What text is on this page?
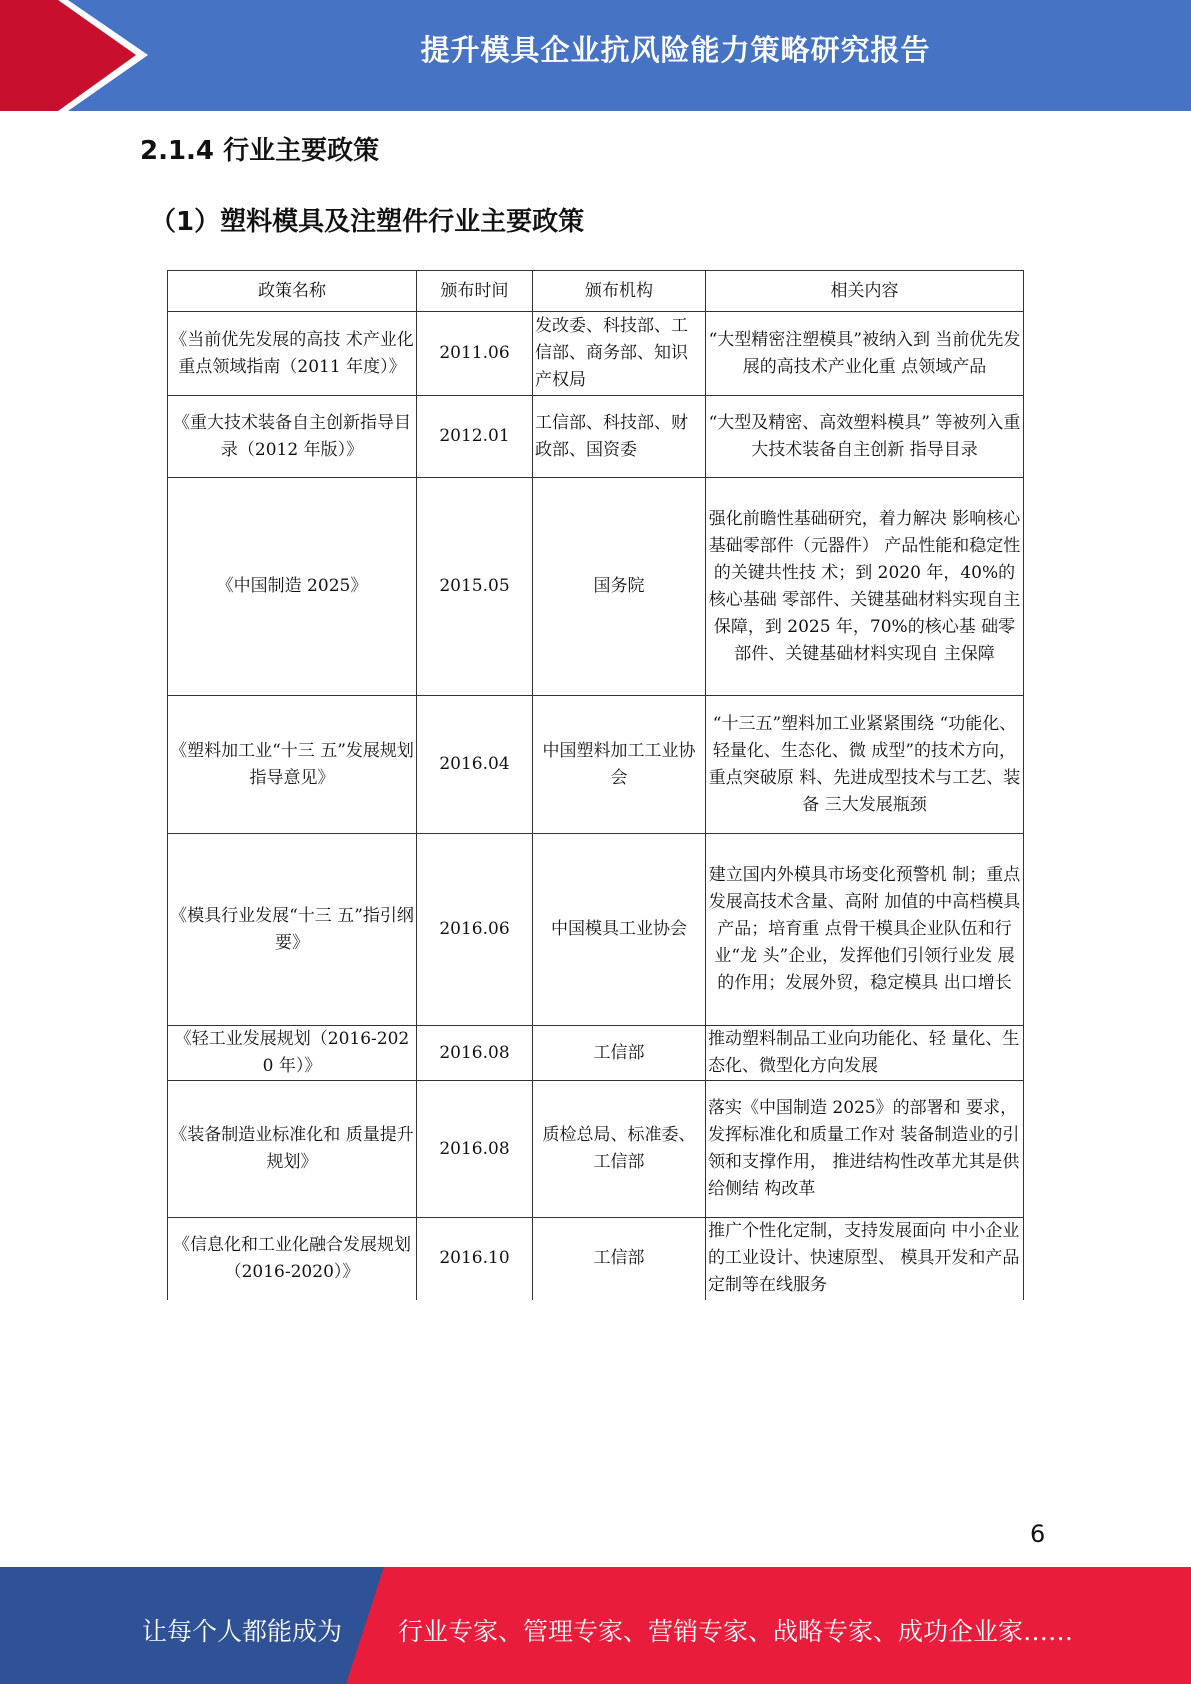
提升模具企业抗风险能力策略研究报告
2.1.4 行业主要政策
（1）塑料模具及注塑件行业主要政策
政策名称	颁布时间	颁布机构	相关内容
《当前优先发展的高技 术产业化重点领域指南（2011 年度）》	2011.06	发改委、科技部、工信部、商务部、知识产权局	“大型精密注塑模具”被纳入到 当前优先发展的高技术产业化重 点领域产品
《重大技术装备自主创新指导目录（2012 年版）》	2012.01	工信部、科技部、财政部、国资委	“大型及精密、高效塑料模具” 等被列入重大技术装备自主创新 指导目录
《中国制造 2025》	2015.05	国务院	强化前瞻性基础研究，着力解决 影响核心基础零部件（元器件） 产品性能和稳定性的关键共性技 术；到 2020 年，40%的核心基础 零部件、关键基础材料实现自主 保障，到 2025 年，70%的核心基 础零部件、关键基础材料实现自 主保障
《塑料加工业“十三 五”发展规划指导意见》	2016.04	中国塑料加工工业协会	“十三五”塑料加工业紧紧围绕 “功能化、轻量化、生态化、微 成型”的技术方向，重点突破原 料、先进成型技术与工艺、装备 三大发展瓶颈
《模具行业发展“十三 五”指引纲要》	2016.06	中国模具工业协会	建立国内外模具市场变化预警机 制；重点发展高技术含量、高附 加值的中高档模具产品；培育重 点骨干模具企业队伍和行业“龙 头”企业，发挥他们引领行业发 展的作用；发展外贸，稳定模具 出口增长
《轻工业发展规划（2016-2020 年）》	2016.08	工信部	推动塑料制品工业向功能化、轻 量化、生态化、微型化方向发展
《装备制造业标准化和 质量提升规划》	2016.08	质检总局、标准委、工信部	落实《中国制造 2025》的部署和 要求，发挥标准化和质量工作对 装备制造业的引领和支撑作用， 推进结构性改革尤其是供给侧结 构改革
《信息化和工业化融合发展规划（2016-2020）》	2016.10	工信部	推广个性化定制，支持发展面向 中小企业的工业设计、快速原型、 模具开发和产品定制等在线服务
6
让每个人都能成为 行业专家、管理专家、营销专家、战略专家、成功企业家……
